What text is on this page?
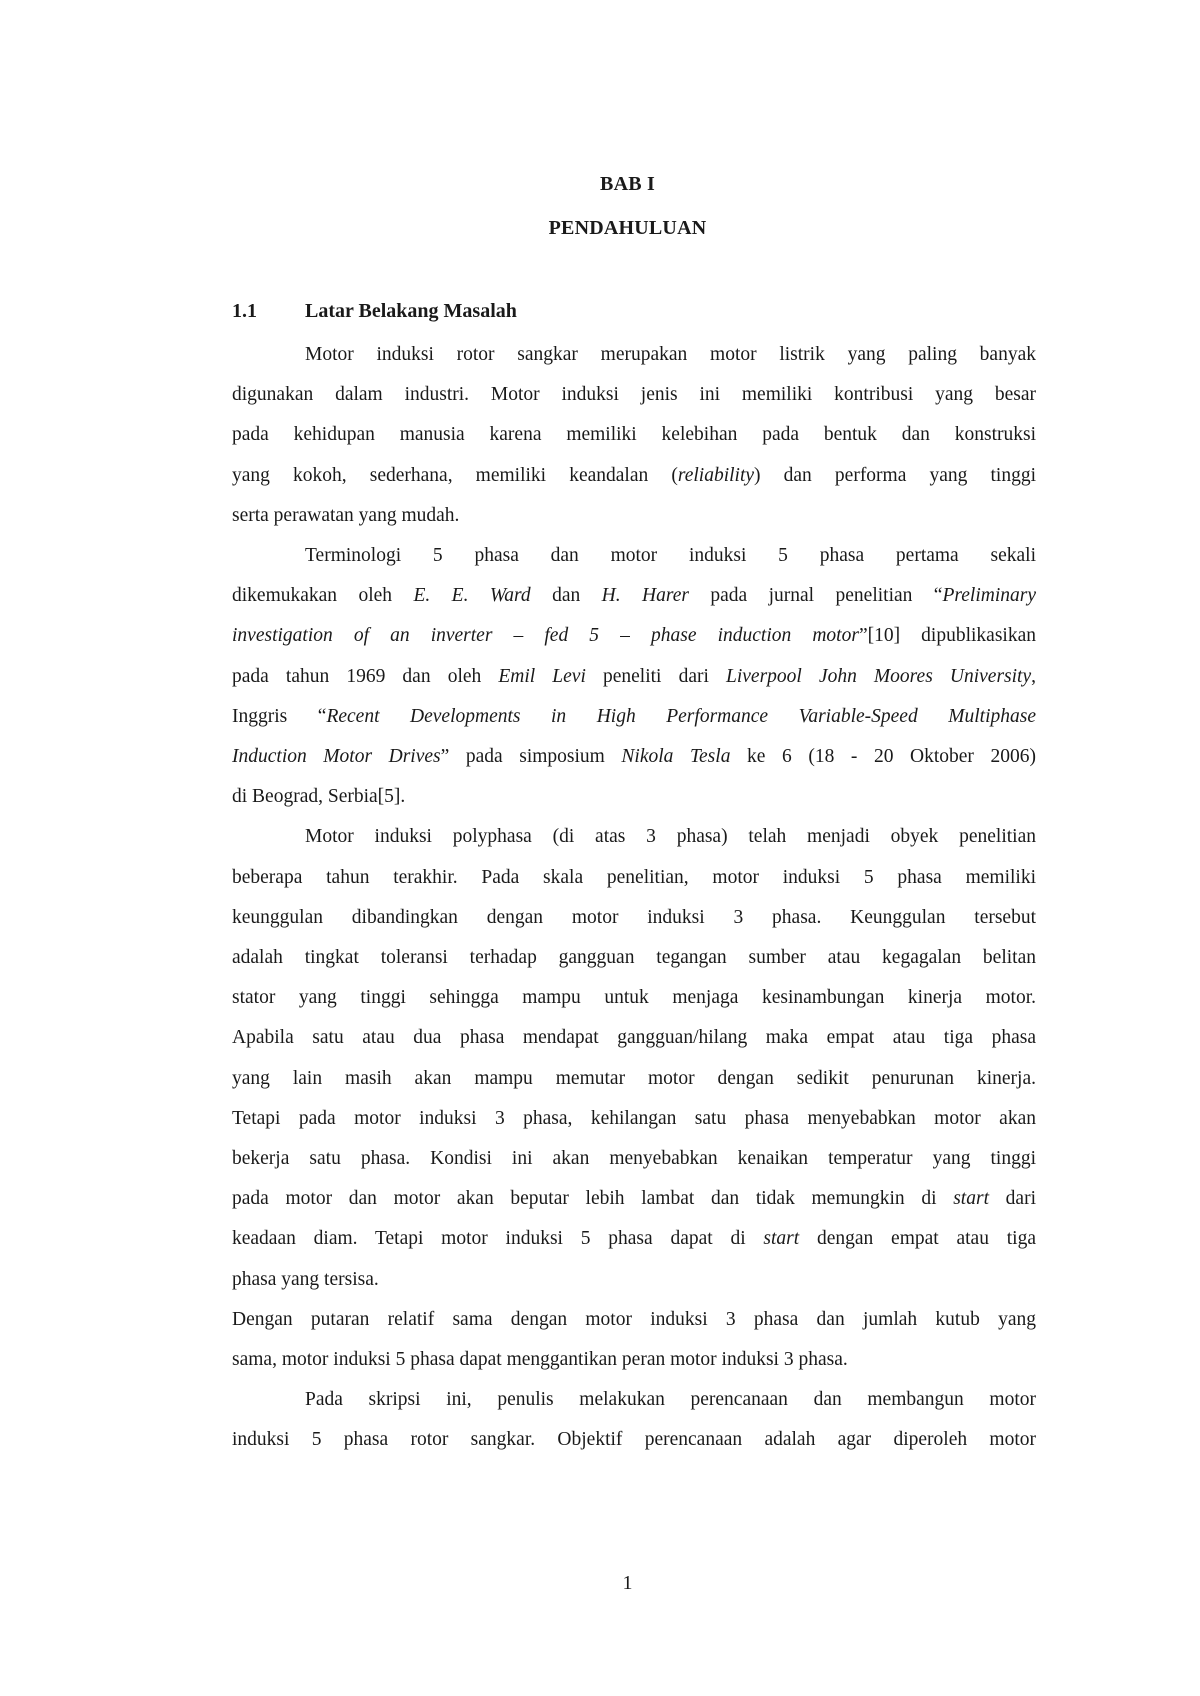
BAB I
PENDAHULUAN
1.1 Latar Belakang Masalah
Motor induksi rotor sangkar merupakan motor listrik yang paling banyak
digunakan dalam industri. Motor induksi jenis ini memiliki kontribusi yang besar
pada kehidupan manusia karena memiliki kelebihan pada bentuk dan konstruksi
yang kokoh, sederhana, memiliki keandalan (reliability) dan performa yang tinggi
serta perawatan yang mudah.
Terminologi 5 phasa dan motor induksi 5 phasa pertama sekali
dikemukakan oleh E. E. Ward dan H. Harer pada jurnal penelitian “Preliminary
investigation of an inverter – fed 5 – phase induction motor”[10] dipublikasikan
pada tahun 1969 dan oleh Emil Levi peneliti dari Liverpool John Moores University,
Inggris “Recent Developments in High Performance Variable-Speed Multiphase
Induction Motor Drives” pada simposium Nikola Tesla ke 6 (18 - 20 Oktober 2006)
di Beograd, Serbia[5].
Motor induksi polyphasa (di atas 3 phasa) telah menjadi obyek penelitian
beberapa tahun terakhir. Pada skala penelitian, motor induksi 5 phasa memiliki
keunggulan dibandingkan dengan motor induksi 3 phasa. Keunggulan tersebut
adalah tingkat toleransi terhadap gangguan tegangan sumber atau kegagalan belitan
stator yang tinggi sehingga mampu untuk menjaga kesinambungan kinerja motor.
Apabila satu atau dua phasa mendapat gangguan/hilang maka empat atau tiga phasa
yang lain masih akan mampu memutar motor dengan sedikit penurunan kinerja.
Tetapi pada motor induksi 3 phasa, kehilangan satu phasa menyebabkan motor akan
bekerja satu phasa. Kondisi ini akan menyebabkan kenaikan temperatur yang tinggi
pada motor dan motor akan beputar lebih lambat dan tidak memungkin di start dari
keadaan diam. Tetapi motor induksi 5 phasa dapat di start dengan empat atau tiga
phasa yang tersisa.
Dengan putaran relatif sama dengan motor induksi 3 phasa dan jumlah kutub yang
sama, motor induksi 5 phasa dapat menggantikan peran motor induksi 3 phasa.
Pada skripsi ini, penulis melakukan perencanaan dan membangun motor
induksi 5 phasa rotor sangkar. Objektif perencanaan adalah agar diperoleh motor
1
